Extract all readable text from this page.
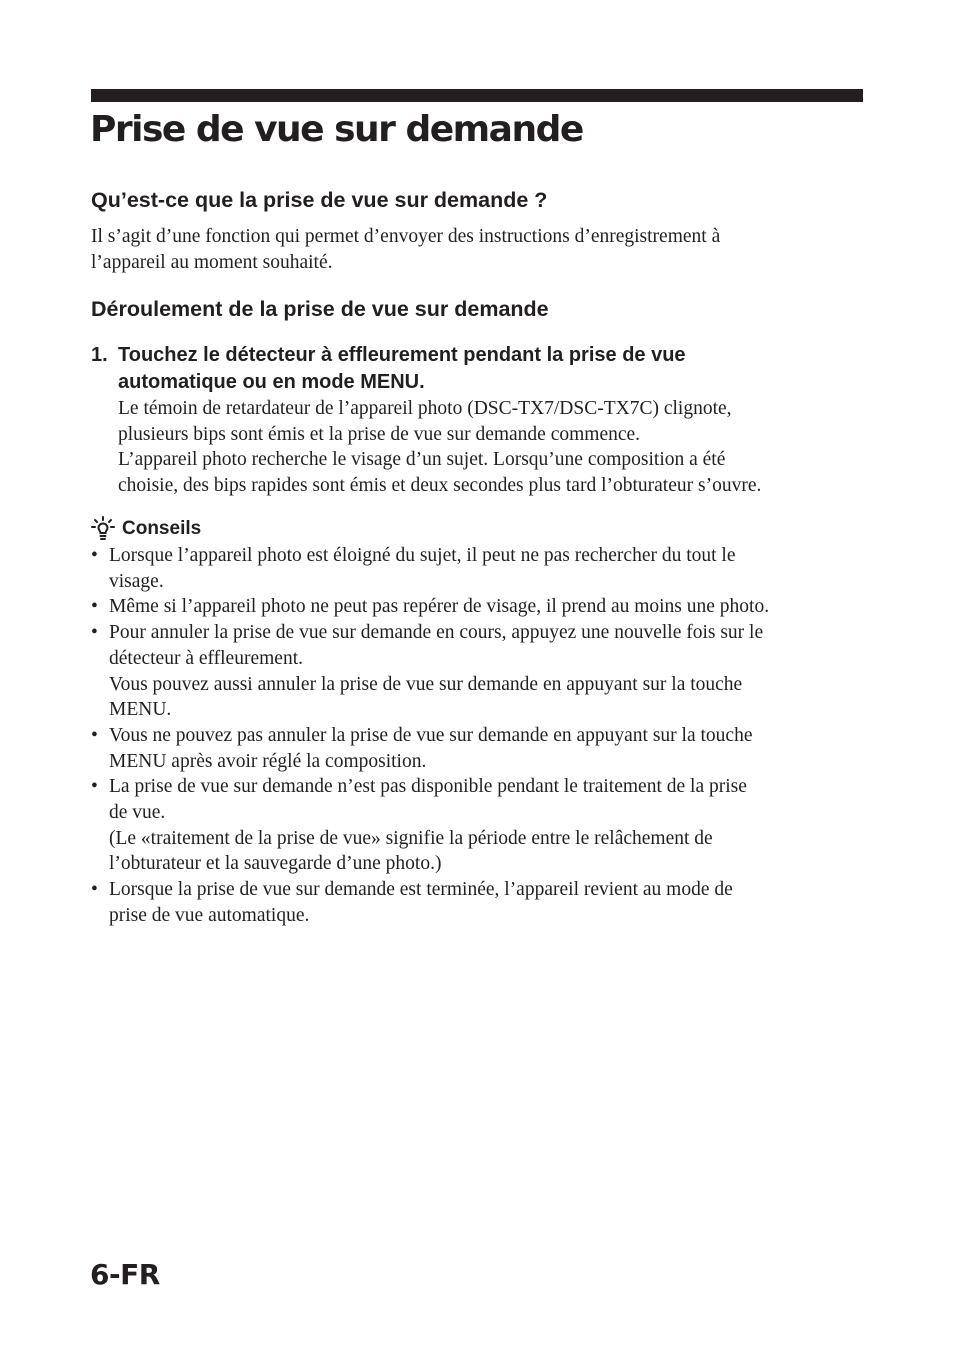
Prise de vue sur demande
Qu’est-ce que la prise de vue sur demande ?

Il s’agit d’une fonction qui permet d’envoyer des instructions d’enregistrement à

l’appareil au moment souhaité.

Déroulement de la prise de vue sur demande
1. Touchez le détecteur à effleurement pendant la prise de vue
automatique ou en mode MENU.

Le témoin de retardateur de l’appareil photo (DSC-TX7/DSC-TX7C) clignote,

plusieurs bips sont émis et la prise de vue sur demande commence.

L’appareil photo recherche le visage d’un sujet. Lorsqu’une composition a été

choisie, des bips rapides sont émis et deux secondes plus tard l’obturateur s’ouvre.

Conseils
• Lorsque l’appareil photo est éloigné du sujet, il peut ne pas rechercher du tout le

visage.

• Même si l’appareil photo ne peut pas repérer de visage, il prend au moins une photo.

• Pour annuler la prise de vue sur demande en cours, appuyez une nouvelle fois sur le

détecteur à effleurement.

Vous pouvez aussi annuler la prise de vue sur demande en appuyant sur la touche

MENU.

• Vous ne pouvez pas annuler la prise de vue sur demande en appuyant sur la touche

MENU après avoir réglé la composition.

• La prise de vue sur demande n’est pas disponible pendant le traitement de la prise

de vue.

(Le «traitement de la prise de vue» signifie la période entre le relâchement de

l’obturateur et la sauvegarde d’une photo.)

• Lorsque la prise de vue sur demande est terminée, l’appareil revient au mode de

prise de vue automatique.

6-FR
